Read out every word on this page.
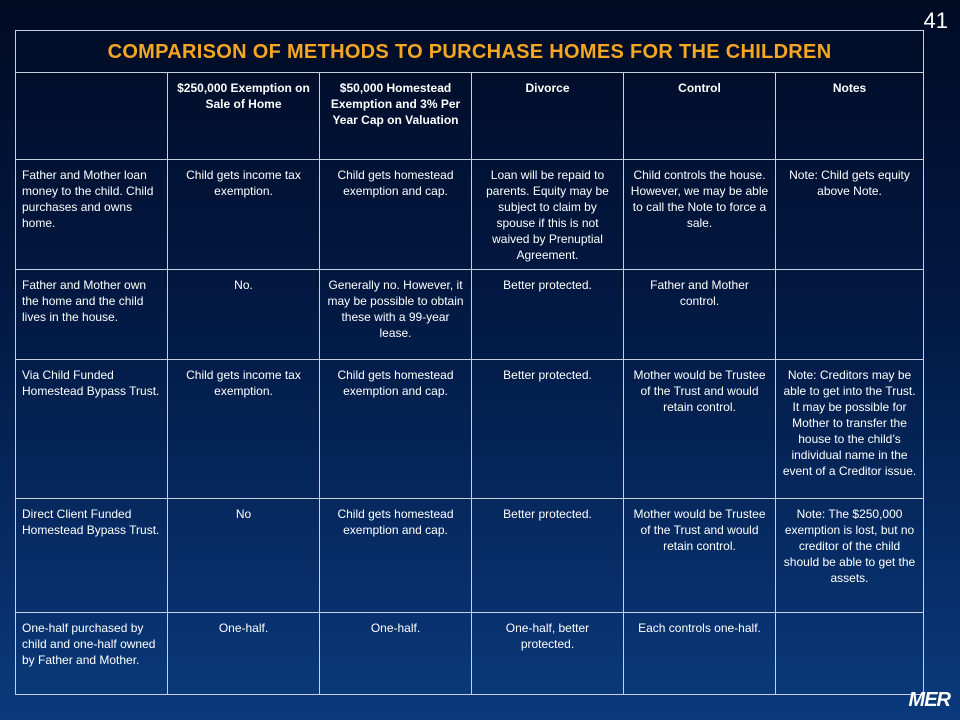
41
COMPARISON OF METHODS TO PURCHASE HOMES FOR THE CHILDREN					
	$250,000 Exemption on Sale of Home	$50,000 Homestead Exemption and 3% Per Year Cap on Valuation	Divorce	Control	Notes
Father and Mother loan money to the child. Child purchases and owns home.	Child gets income tax exemption.	Child gets homestead exemption and cap.	Loan will be repaid to parents. Equity may be subject to claim by spouse if this is not waived by Prenuptial Agreement.	Child controls the house. However, we may be able to call the Note to force a sale.	Note: Child gets equity above Note.
Father and Mother own the home and the child lives in the house.	No.	Generally no. However, it may be possible to obtain these with a 99-year lease.	Better protected.	Father and Mother control.	
Via Child Funded Homestead Bypass Trust.	Child gets income tax exemption.	Child gets homestead exemption and cap.	Better protected.	Mother would be Trustee of the Trust and would retain control.	Note: Creditors may be able to get into the Trust. It may be possible for Mother to transfer the house to the child’s individual name in the event of a Creditor issue.
Direct Client Funded Homestead Bypass Trust.	No	Child gets homestead exemption and cap.	Better protected.	Mother would be Trustee of the Trust and would retain control.	Note: The $250,000 exemption is lost, but no creditor of the child should be able to get the assets.
One-half purchased by child and one-half owned by Father and Mother.	One-half.	One-half.	One-half, better protected.	Each controls one-half.	
MER
